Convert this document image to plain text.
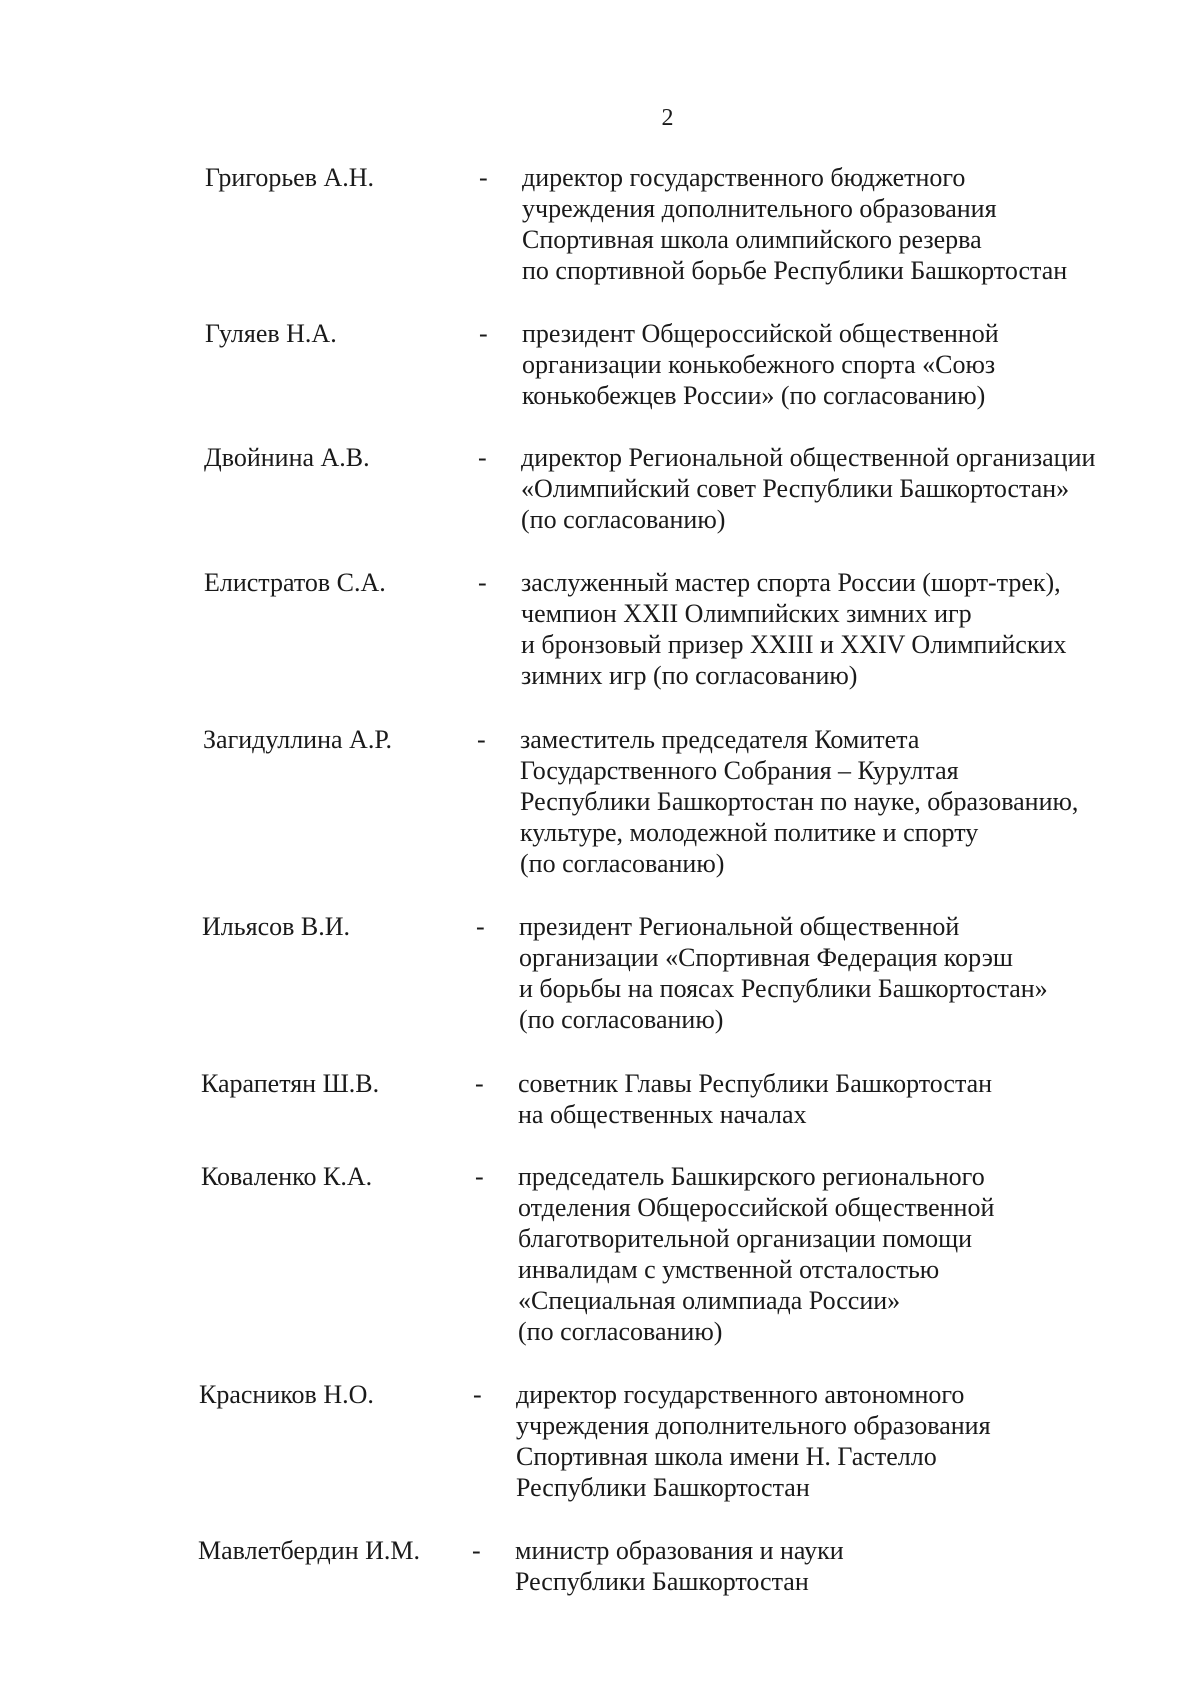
2
Григорьев А.Н.	- директор государственного бюджетного
учреждения дополнительного образования
Спортивная школа олимпийского резерва
по спортивной борьбе Республики Башкортостан
Гуляев Н.А.	- президент Общероссийской общественной
организации конькобежного спорта «Союз
конькобежцев России» (по согласованию)
Двойнина А.В.	- директор Региональной общественной организации
«Олимпийский совет Республики Башкортостан»
(по согласованию)
Елистратов С.А.	- заслуженный мастер спорта России (шорт-трек),
чемпион XXII Олимпийских зимних игр
и бронзовый призер XXIII и XXIV Олимпийских
зимних игр (по согласованию)
Загидуллина А.Р.	- заместитель председателя Комитета
Государственного Собрания – Курултая
Республики Башкортостан по науке, образованию,
культуре, молодежной политике и спорту
(по согласованию)
Ильясов В.И.	- президент Региональной общественной
организации «Спортивная Федерация корэш
и борьбы на поясах Республики Башкортостан»
(по согласованию)
Карапетян Ш.В.	- советник Главы Республики Башкортостан
на общественных началах
Коваленко К.А.	- председатель Башкирского регионального
отделения Общероссийской общественной
благотворительной организации помощи
инвалидам с умственной отсталостью
«Специальная олимпиада России»
(по согласованию)
Красников Н.О.	- директор государственного автономного
учреждения дополнительного образования
Спортивная школа имени Н. Гастелло
Республики Башкортостан
Мавлетбердин И.М. - министр образования и науки
Республики Башкортостан
